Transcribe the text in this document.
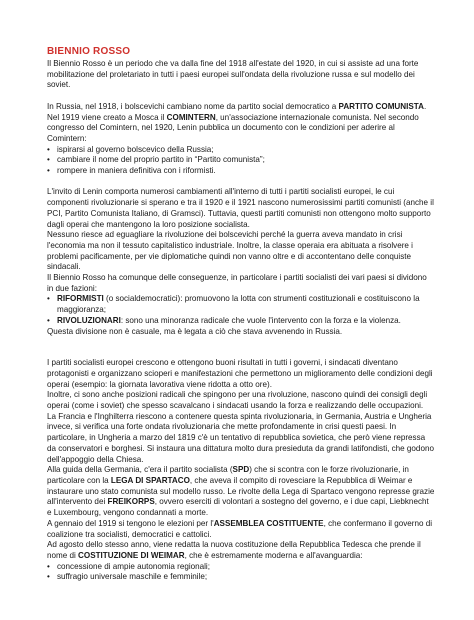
BIENNIO ROSSO

Il Biennio Rosso è un periodo che va dalla fine del 1918 all'estate del 1920, in cui si assiste ad una forte mobilitazione del proletariato in tutti i paesi europei sull'ondata della rivoluzione russa e sul modello dei soviet.

In Russia, nel 1918, i bolscevichi cambiano nome da partito social democratico a PARTITO COMUNISTA. Nel 1919 viene creato a Mosca il COMINTERN, un'associazione internazionale comunista. Nel secondo congresso del Comintern, nel 1920, Lenin pubblica un documento con le condizioni per aderire al Comintern:

• ispirarsi al governo bolscevico della Russia;
• cambiare il nome del proprio partito in “Partito comunista”;
• rompere in maniera definitiva con i riformisti.

L'invito di Lenin comporta numerosi cambiamenti all'interno di tutti i partiti socialisti europei, le cui componenti rivoluzionarie si sperano e tra il 1920 e il 1921 nascono numerosissimi partiti comunisti (anche il PCI, Partito Comunista Italiano, di Gramsci). Tuttavia, questi partiti comunisti non ottengono molto supporto dagli operai che mantengono la loro posizione socialista.

Nessuno riesce ad eguagliare la rivoluzione dei bolscevichi perché la guerra aveva mandato in crisi l'economia ma non il tessuto capitalistico industriale. Inoltre, la classe operaia era abituata a risolvere i problemi pacificamente, per vie diplomatiche quindi non vanno oltre e di accontentano delle conquiste sindacali.

Il Biennio Rosso ha comunque delle conseguenze, in particolare i partiti socialisti dei vari paesi si dividono in due fazioni:

• RIFORMISTI (o socialdemocratici): promuovono la lotta con strumenti costituzionali e costituiscono la maggioranza;
• RIVOLUZIONARI: sono una minoranza radicale che vuole l'intervento con la forza e la violenza.

Questa divisione non è casuale, ma è legata a ciò che stava avvenendo in Russia.

I partiti socialisti europei crescono e ottengono buoni risultati in tutti i governi, i sindacati diventano protagonisti e organizzano scioperi e manifestazioni che permettono un miglioramento delle condizioni degli operai (esempio: la giornata lavorativa viene ridotta a otto ore).

Inoltre, ci sono anche posizioni radicali che spingono per una rivoluzione, nascono quindi dei consigli degli operai (come i soviet) che spesso scavalcano i sindacati usando la forza e realizzando delle occupazioni.

La Francia e l'Inghilterra riescono a contenere questa spinta rivoluzionaria, in Germania, Austria e Ungheria invece, si verifica una forte ondata rivoluzionaria che mette profondamente in crisi questi paesi. In particolare, in Ungheria a marzo del 1819 c'è un tentativo di repubblica sovietica, che però viene repressa da conservatori e borghesi. Si instaura una dittatura molto dura presieduta da grandi latifondisti, che godono dell'appoggio della Chiesa.

Alla guida della Germania, c'era il partito socialista (SPD) che si scontra con le forze rivoluzionarie, in particolare con la LEGA DI SPARTACO, che aveva il compito di rovesciare la Repubblica di Weimar e instaurare uno stato comunista sul modello russo. Le rivolte della Lega di Spartaco vengono represse grazie all'intervento dei FREIKORPS, ovvero eserciti di volontari a sostegno del governo, e i due capi, Liebknecht e Luxembourg, vengono condannati a morte.

A gennaio del 1919 si tengono le elezioni per l'ASSEMBLEA COSTITUENTE, che confermano il governo di coalizione tra socialisti, democratici e cattolici.

Ad agosto dello stesso anno, viene redatta la nuova costituzione della Repubblica Tedesca che prende il nome di COSTITUZIONE DI WEIMAR, che è estremamente moderna e all'avanguardia:

• concessione di ampie autonomia regionali;
• suffragio universale maschile e femminile;
